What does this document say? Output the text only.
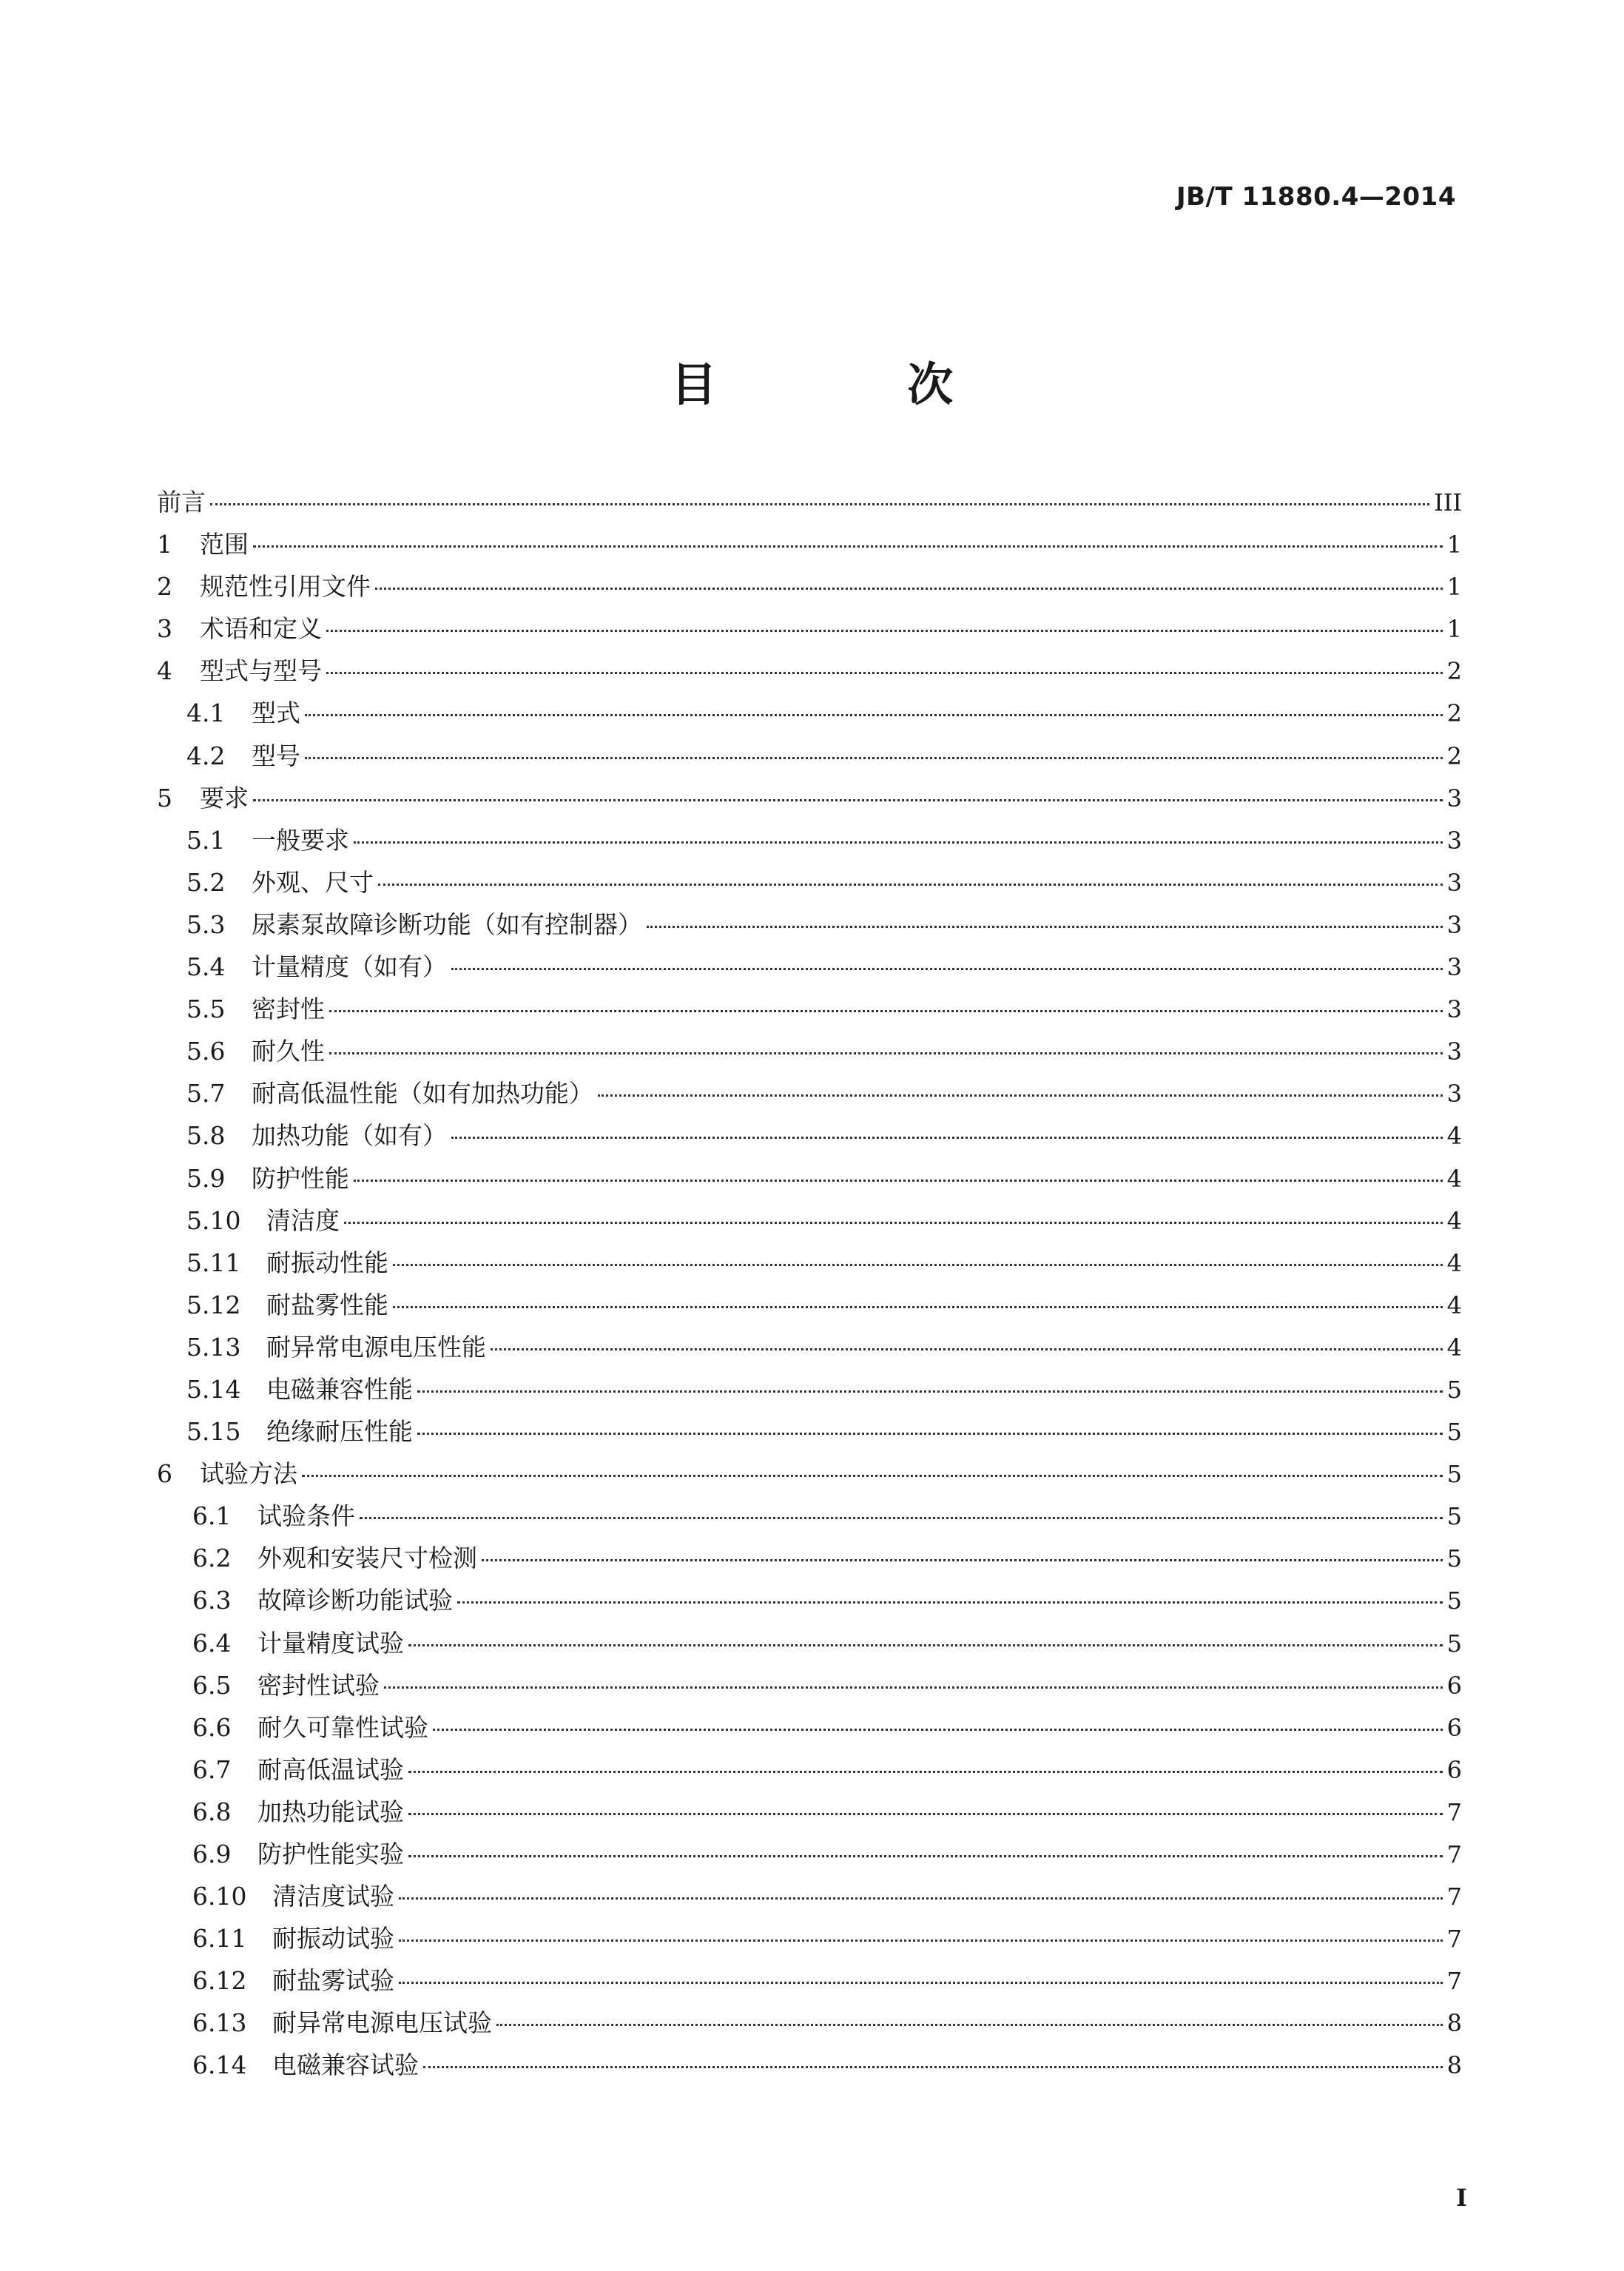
JB/T 11880.4—2014
目 次
前言	III
1	范围	1
2	规范性引用文件	1
3	术语和定义	1
4	型式与型号	2
4.1	型式	2
4.2	型号	2
5	要求	3
5.1	一般要求	3
5.2	外观、尺寸	3
5.3	尿素泵故障诊断功能（如有控制器）	3
5.4	计量精度（如有）	3
5.5	密封性	3
5.6	耐久性	3
5.7	耐高低温性能（如有加热功能）	3
5.8	加热功能（如有）	4
5.9	防护性能	4
5.10	清洁度	4
5.11	耐振动性能	4
5.12	耐盐雾性能	4
5.13	耐异常电源电压性能	4
5.14	电磁兼容性能	5
5.15	绝缘耐压性能	5
6	试验方法	5
6.1	试验条件	5
6.2	外观和安装尺寸检测	5
6.3	故障诊断功能试验	5
6.4	计量精度试验	5
6.5	密封性试验	6
6.6	耐久可靠性试验	6
6.7	耐高低温试验	6
6.8	加热功能试验	7
6.9	防护性能实验	7
6.10	清洁度试验	7
6.11	耐振动试验	7
6.12	耐盐雾试验	7
6.13	耐异常电源电压试验	8
6.14	电磁兼容试验	8
I
